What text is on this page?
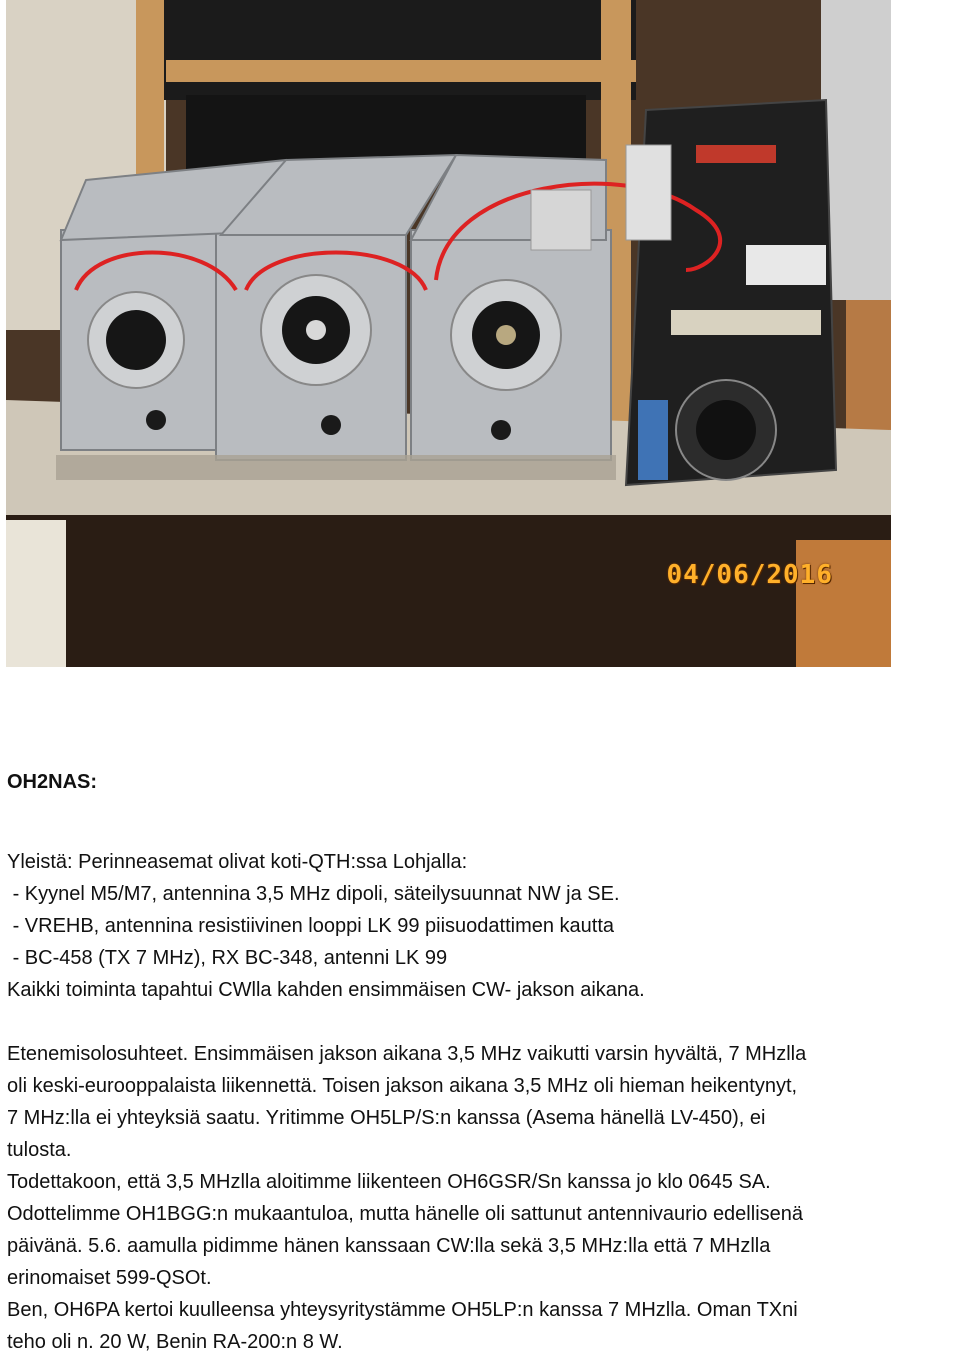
04/06/2016
OH2NAS:

Yleistä: Perinneasemat olivat koti-QTH:ssa Lohjalla:

- Kyynel M5/M7, antennina 3,5 MHz dipoli, säteilysuunnat NW ja SE.

- VREHB, antennina resistiivinen looppi LK 99 piisuodattimen kautta

- BC-458 (TX 7 MHz), RX BC-348, antenni LK 99

Kaikki toiminta tapahtui CWlla kahden ensimmäisen CW- jakson aikana.

Etenemisolosuhteet. Ensimmäisen jakson aikana 3,5 MHz vaikutti varsin hyvältä, 7 MHzlla

oli keski-eurooppalaista liikennettä. Toisen jakson aikana 3,5 MHz oli hieman heikentynyt,

7 MHz:lla ei yhteyksiä saatu. Yritimme OH5LP/S:n kanssa (Asema hänellä LV-450), ei

tulosta.

Todettakoon, että 3,5 MHzlla aloitimme liikenteen OH6GSR/Sn kanssa jo klo 0645 SA.

Odottelimme OH1BGG:n mukaantuloa, mutta hänelle oli sattunut antennivaurio edellisenä

päivänä. 5.6. aamulla pidimme hänen kanssaan CW:lla sekä 3,5 MHz:lla että 7 MHzlla

erinomaiset 599-QSOt.

Ben, OH6PA kertoi kuulleensa yhteysyritystämme OH5LP:n kanssa 7 MHzlla. Oman TXni

teho oli n. 20 W, Benin RA-200:n 8 W.
